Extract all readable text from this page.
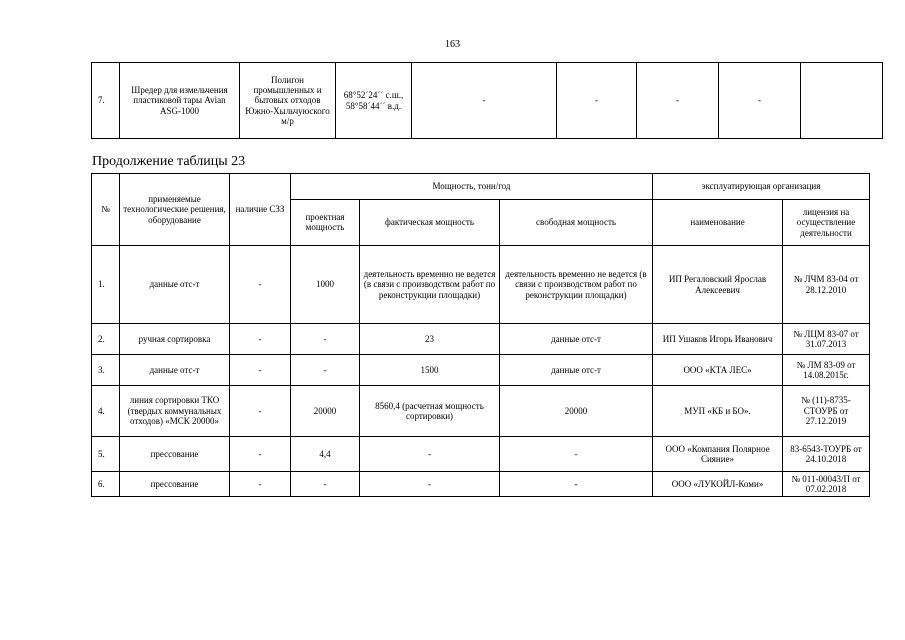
163
7.	Шредер для измельчения пластиковой тары Avian ASG-1000	Полигон промышленных и бытовых отходов Южно-Хыльчуюского м/р	68°52´24´´ с.ш., 58°58´44´´ в.д.	-	-	-	-	
Продолжение таблицы 23
№	применяемые технологические решения, оборудование	наличие СЗЗ	Мощность, тонн/год			эксплуатирующая организация	
			проектная мощность	фактическая мощность	свободная мощность	наименование	лицензия на осуществление деятельности
1.	данные отс-т	-	1000	деятельность временно не ведется (в связи с производством работ по реконструкции площадки)	деятельность временно не ведется (в связи с производством работ по реконструкции площадки)	ИП Регаловский Ярослав Алексеевич	№ ЛЧМ 83-04 от 28.12.2010
2.	ручная сортировка	-	-	23	данные отс-т	ИП Ушаков Игорь Иванович	№ ЛЦМ 83-07 от 31.07.2013
3.	данные отс-т	-	-	1500	данные отс-т	ООО «КТА ЛЕС»	№ ЛМ 83-09 от 14.08.2015г.
4.	линия сортировки ТКО (твердых коммунальных отходов) «МСК 20000»	-	20000	8560,4 (расчетная мощность сортировки)	20000	МУП «КБ и БО».	№ (11)-8735-СТОУРБ от 27.12.2019
5.	прессование	-	4,4	-	-	ООО «Компания Полярное Сияние»	83-6543-ТОУРБ от 24.10.2018
6.	прессование	-	-	-	-	ООО «ЛУКОЙЛ-Коми»	№ 011-00043/П от 07.02.2018
